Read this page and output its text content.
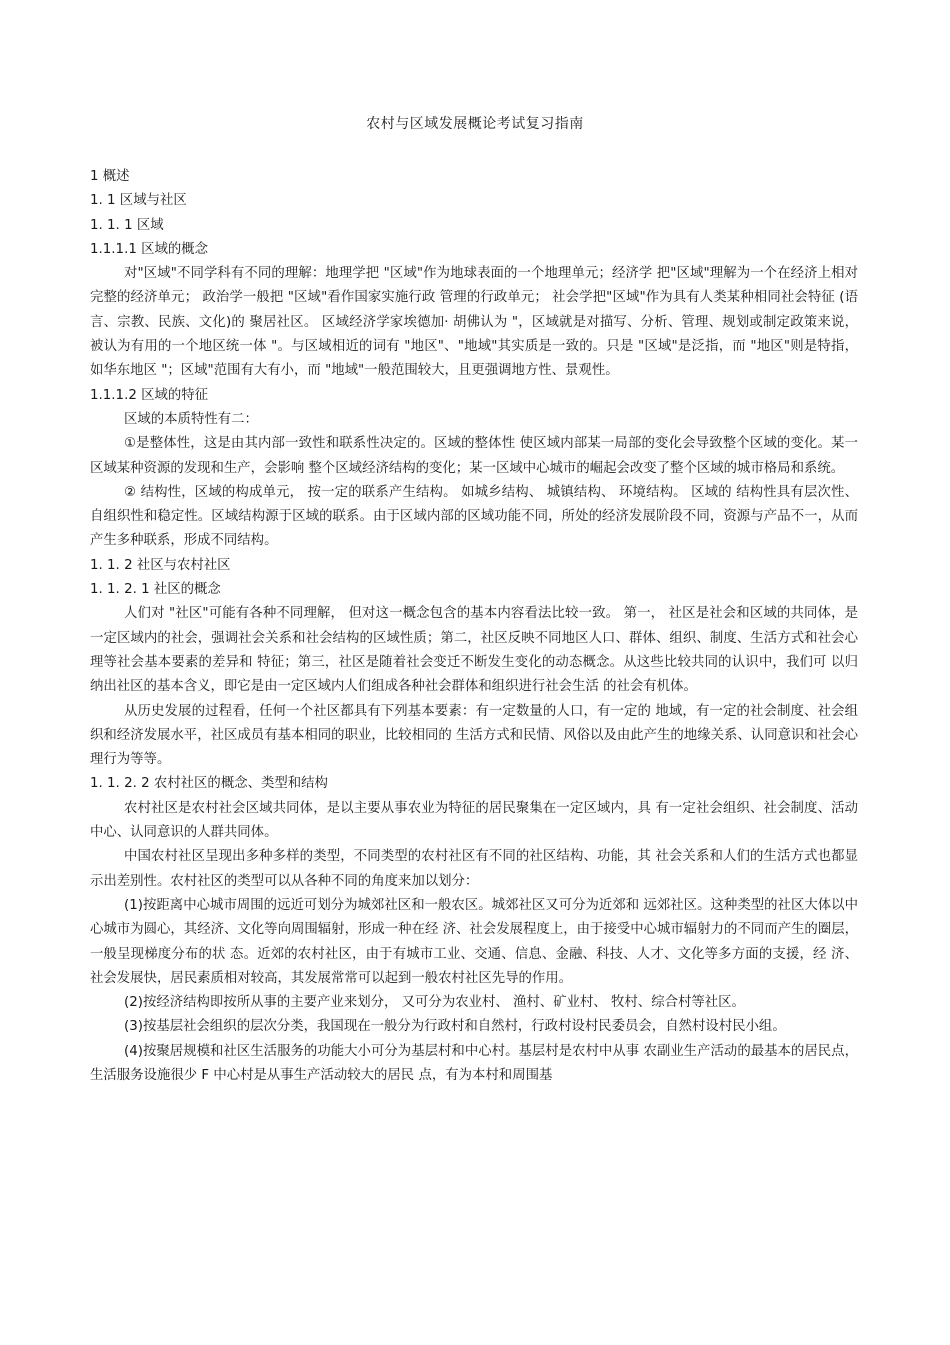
农村与区域发展概论考试复习指南
1 概述
1. 1 区域与社区
1. 1. 1 区域
1.1.1.1 区域的概念
对"区域"不同学科有不同的理解：地理学把 "区域"作为地球表面的一个地理单元；经济学 把"区域"理解为一个在经济上相对完整的经济单元； 政治学一般把 "区域"看作国家实施行政 管理的行政单元； 社会学把"区域"作为具有人类某种相同社会特征 (语言、宗教、民族、文化)的 聚居社区。 区域经济学家埃德加· 胡佛认为 "，区域就是对描写、分析、管理、规划或制定政策来说，被认为有用的一个地区统一体 "。与区域相近的词有 "地区"、"地域"其实质是一致的。只是 "区域"是泛指，而 "地区"则是特指，如华东地区 "；区域"范围有大有小，而 "地域"一般范围较大，且更强调地方性、景观性。
1.1.1.2 区域的特征
区域的本质特性有二：
①是整体性，这是由其内部一致性和联系性决定的。区域的整体性 使区域内部某一局部的变化会导致整个区域的变化。某一区域某种资源的发现和生产，会影响 整个区域经济结构的变化；某一区域中心城市的崛起会改变了整个区域的城市格局和系统。
② 结构性，区域的构成单元， 按一定的联系产生结构。 如城乡结构、 城镇结构、 环境结构。 区域的 结构性具有层次性、自组织性和稳定性。区域结构源于区域的联系。由于区域内部的区域功能不同，所处的经济发展阶段不同，资源与产品不一，从而产生多种联系，形成不同结构。
1. 1. 2 社区与农村社区
1. 1. 2. 1 社区的概念
人们对 "社区"可能有各种不同理解， 但对这一概念包含的基本内容看法比较一致。 第一， 社区是社会和区域的共同体，是一定区域内的社会，强调社会关系和社会结构的区域性质；第二，社区反映不同地区人口、群体、组织、制度、生活方式和社会心理等社会基本要素的差异和 特征；第三，社区是随着社会变迁不断发生变化的动态概念。从这些比较共同的认识中，我们可 以归纳出社区的基本含义，即它是由一定区域内人们组成各种社会群体和组织进行社会生活 的社会有机体。
从历史发展的过程看，任何一个社区都具有下列基本要素：有一定数量的人口，有一定的 地域，有一定的社会制度、社会组织和经济发展水平，社区成员有基本相同的职业，比较相同的 生活方式和民情、风俗以及由此产生的地缘关系、认同意识和社会心理行为等等。
1. 1. 2. 2 农村社区的概念、类型和结构
农村社区是农村社会区域共同体，是以主要从事农业为特征的居民聚集在一定区域内，具 有一定社会组织、社会制度、活动中心、认同意识的人群共同体。
中国农村社区呈现出多种多样的类型，不同类型的农村社区有不同的社区结构、功能，其 社会关系和人们的生活方式也都显示出差别性。农村社区的类型可以从各种不同的角度来加以划分：
(1)按距离中心城市周围的远近可划分为城郊社区和一般农区。城郊社区又可分为近郊和 远郊社区。这种类型的社区大体以中心城市为圆心，其经济、文化等向周围辐射，形成一种在经 济、社会发展程度上，由于接受中心城市辐射力的不同而产生的圈层，一般呈现梯度分布的状 态。近郊的农村社区，由于有城市工业、交通、信息、金融、科技、人才、文化等多方面的支援，经 济、社会发展快，居民素质相对较高，其发展常常可以起到一般农村社区先导的作用。
(2)按经济结构即按所从事的主要产业来划分， 又可分为农业村、 渔村、矿业村、 牧村、综合村等社区。
(3)按基层社会组织的层次分类，我国现在一般分为行政村和自然村，行政村设村民委员会，自然村设村民小组。
(4)按聚居规模和社区生活服务的功能大小可分为基层村和中心村。基层村是农村中从事 农副业生产活动的最基本的居民点，生活服务设施很少 F 中心村是从事生产活动较大的居民 点，有为本村和周围基
